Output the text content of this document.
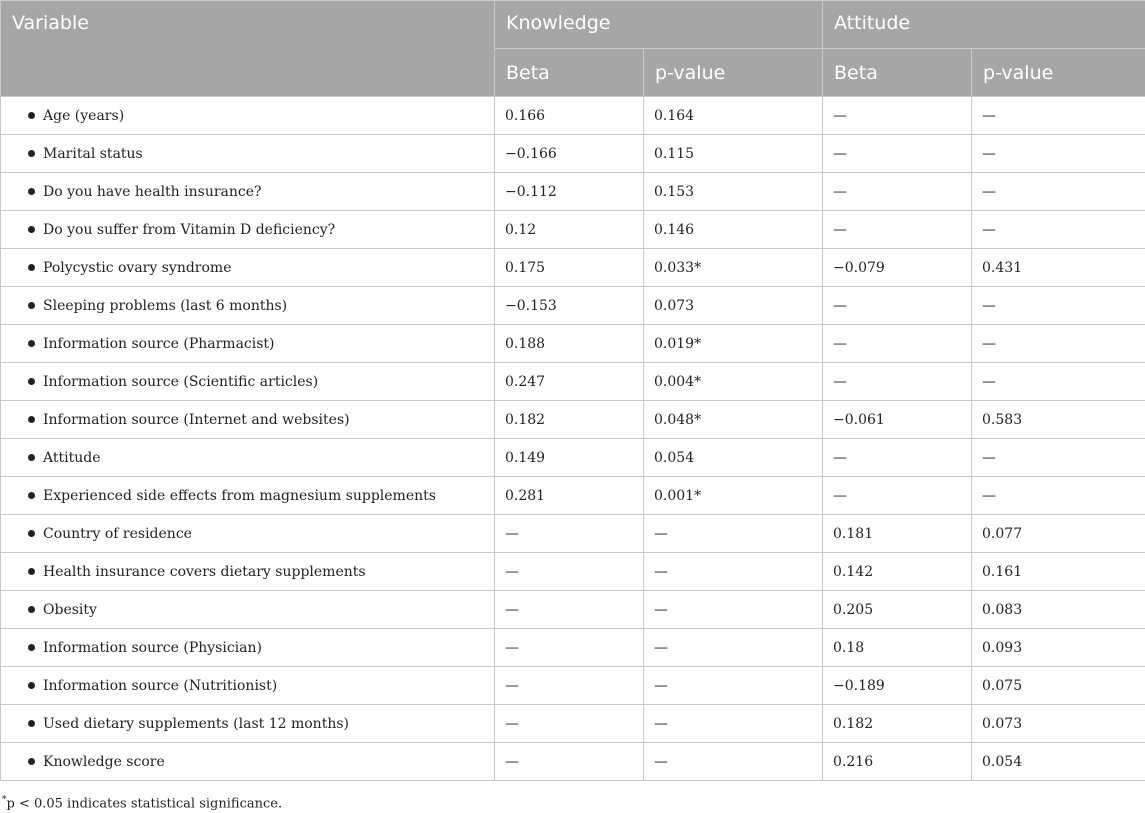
Variable	Knowledge		Attitude	
	Beta	p-value	Beta	p-value

Age (years)	0.166	0.164	—	—

Marital status	−0.166	0.115	—	—

Do you have health insurance?	−0.112	0.153	—	—

Do you suffer from Vitamin D deficiency?	0.12	0.146	—	—

Polycystic ovary syndrome	0.175	0.033*	−0.079	0.431

Sleeping problems (last 6 months)	−0.153	0.073	—	—

Information source (Pharmacist)	0.188	0.019*	—	—

Information source (Scientific articles)	0.247	0.004*	—	—

Information source (Internet and websites)	0.182	0.048*	−0.061	0.583

Attitude	0.149	0.054	—	—

Experienced side effects from magnesium supplements	0.281	0.001*	—	—

Country of residence	—	—	0.181	0.077

Health insurance covers dietary supplements	—	—	0.142	0.161

Obesity	—	—	0.205	0.083

Information source (Physician)	—	—	0.18	0.093

Information source (Nutritionist)	—	—	−0.189	0.075

Used dietary supplements (last 12 months)	—	—	0.182	0.073

Knowledge score	—	—	0.216	0.054
*p < 0.05 indicates statistical significance.
